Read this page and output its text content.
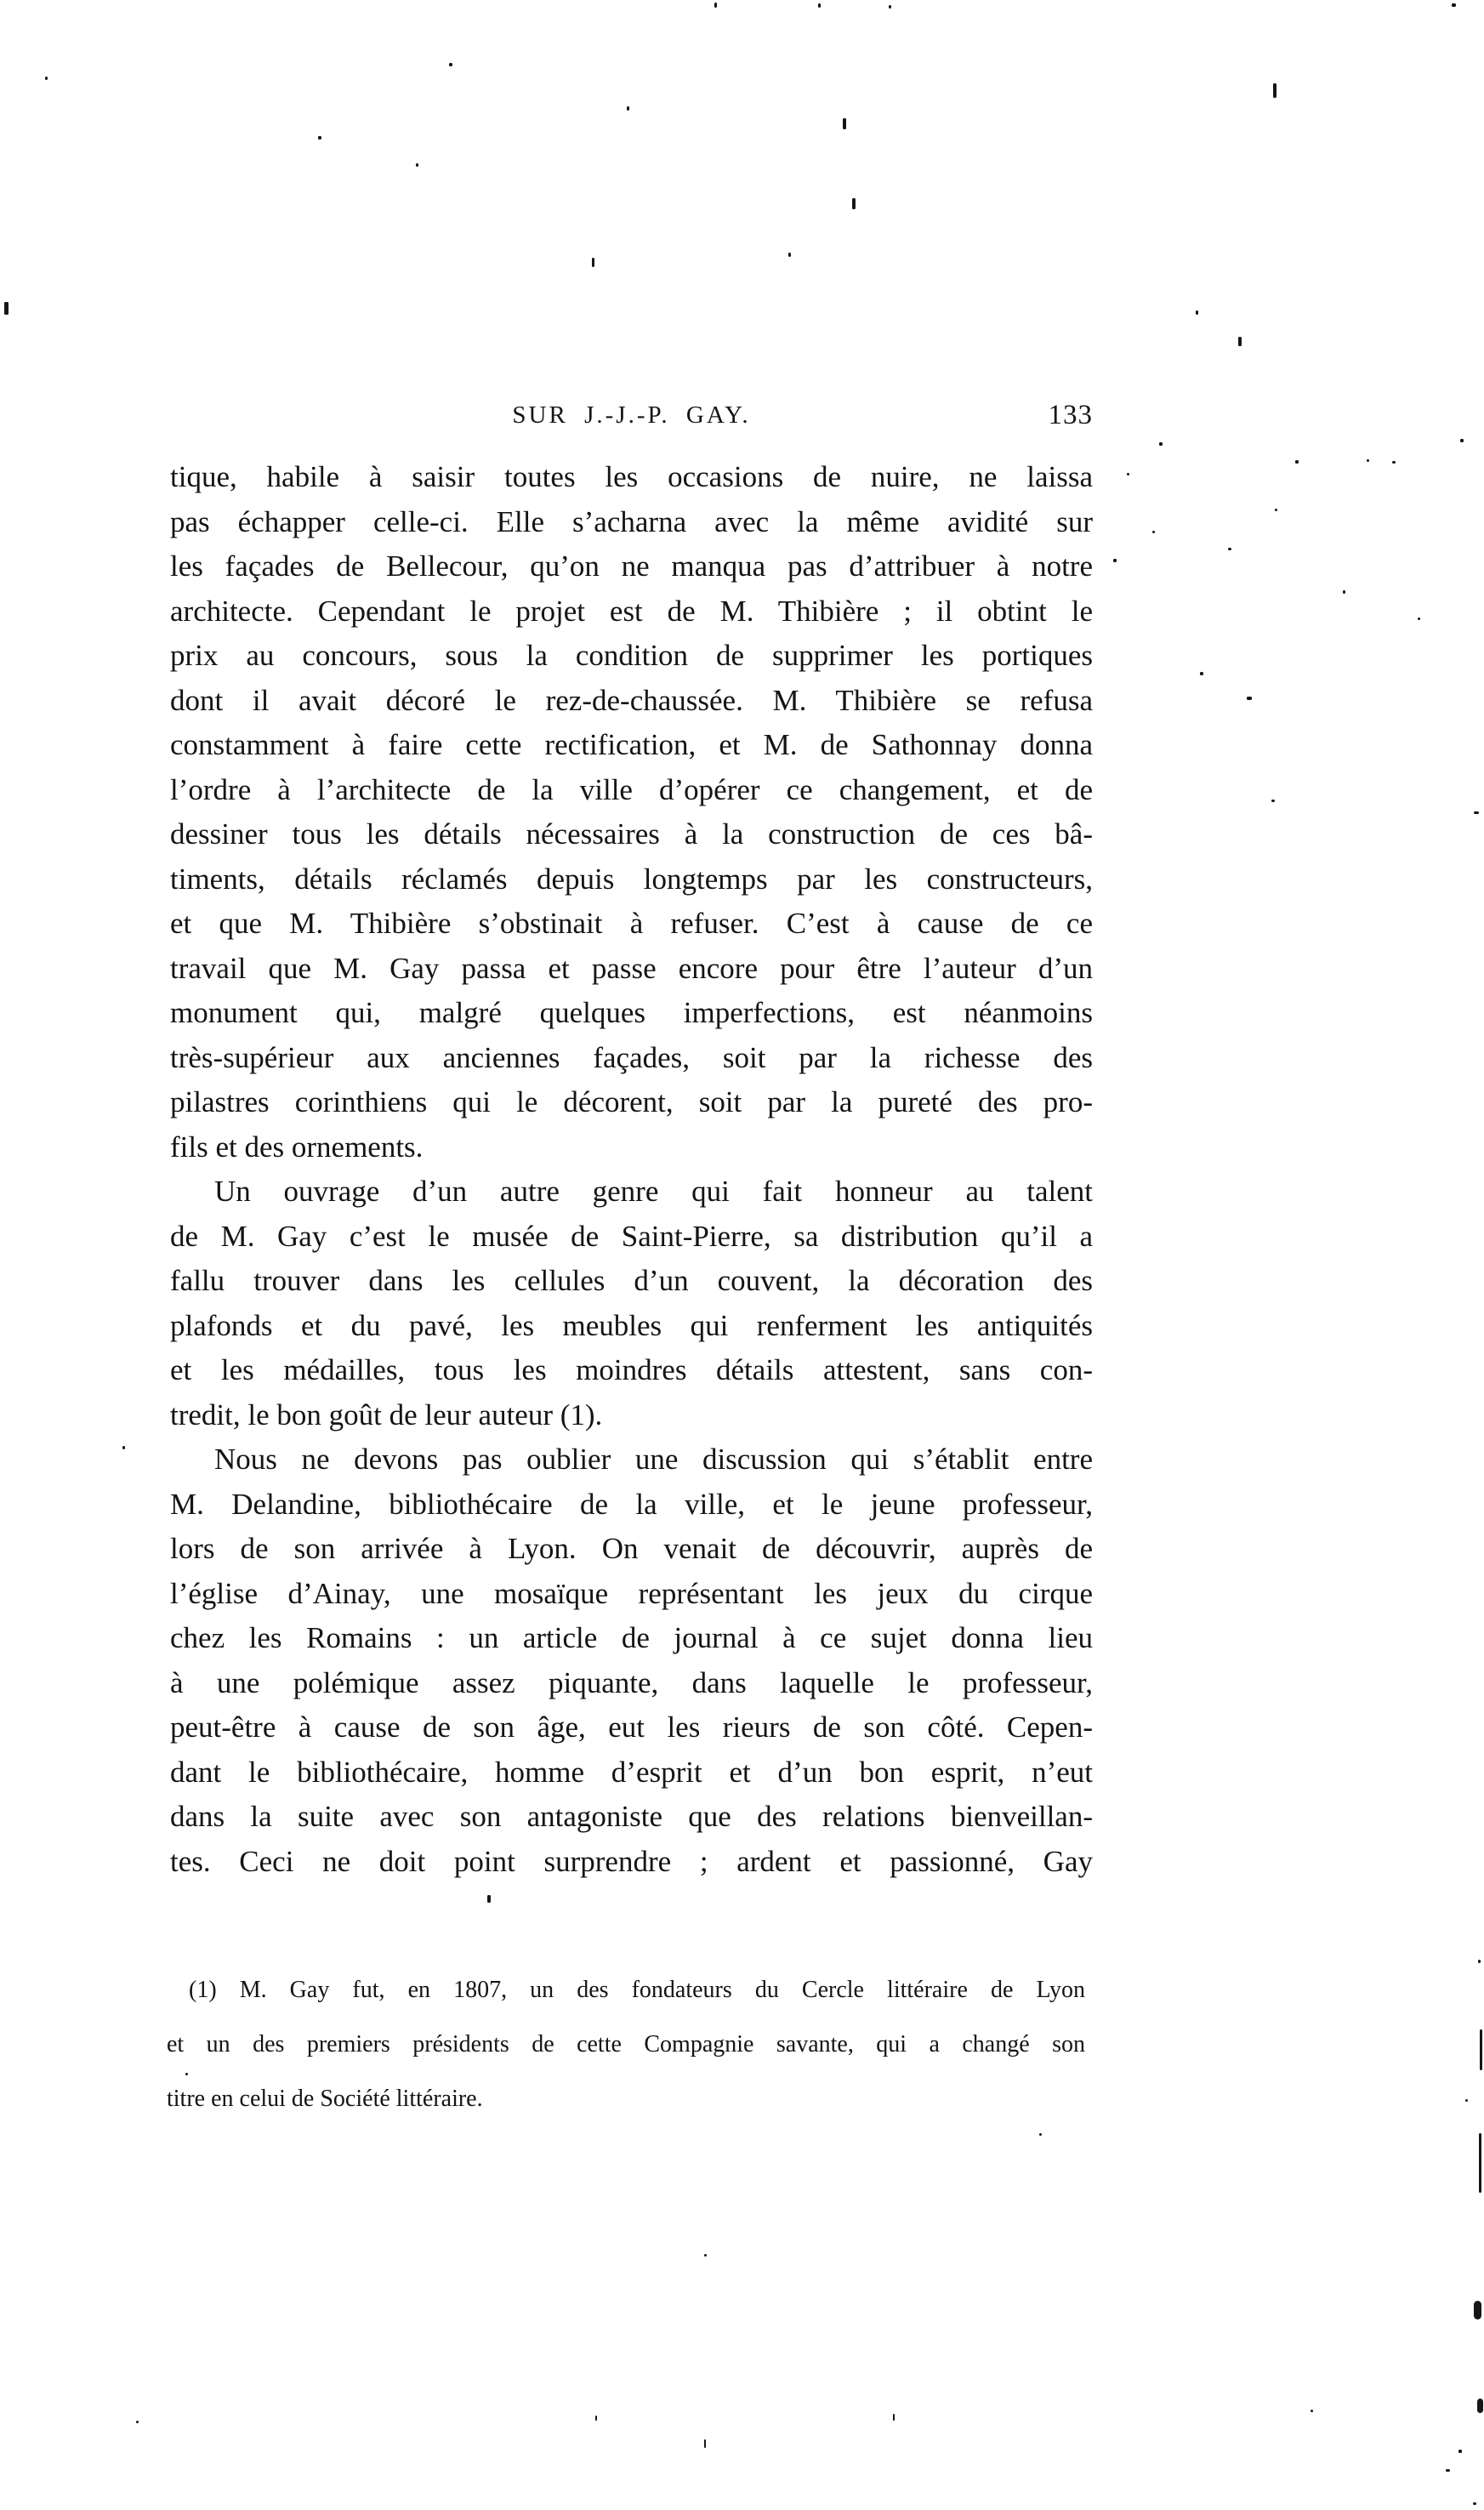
SUR J.-J.-P. GAY.	133
tique, habile à saisir toutes les occasions de nuire, ne laissa
pas échapper celle-ci. Elle s’acharna avec la même avidité sur
les façades de Bellecour, qu’on ne manqua pas d’attribuer à notre
architecte. Cependant le projet est de M. Thibière ; il obtint le
prix au concours, sous la condition de supprimer les portiques
dont il avait décoré le rez-de-chaussée. M. Thibière se refusa
constamment à faire cette rectification, et M. de Sathonnay donna
l’ordre à l’architecte de la ville d’opérer ce changement, et de
dessiner tous les détails nécessaires à la construction de ces bâ-
timents, détails réclamés depuis longtemps par les constructeurs,
et que M. Thibière s’obstinait à refuser. C’est à cause de ce
travail que M. Gay passa et passe encore pour être l’auteur d’un
monument qui, malgré quelques imperfections, est néanmoins
très-supérieur aux anciennes façades, soit par la richesse des
pilastres corinthiens qui le décorent, soit par la pureté des pro-
fils et des ornements.
Un ouvrage d’un autre genre qui fait honneur au talent
de M. Gay c’est le musée de Saint-Pierre, sa distribution qu’il a
fallu trouver dans les cellules d’un couvent, la décoration des
plafonds et du pavé, les meubles qui renferment les antiquités
et les médailles, tous les moindres détails attestent, sans con-
tredit, le bon goût de leur auteur (1).
Nous ne devons pas oublier une discussion qui s’établit entre
M. Delandine, bibliothécaire de la ville, et le jeune professeur,
lors de son arrivée à Lyon. On venait de découvrir, auprès de
l’église d’Ainay, une mosaïque représentant les jeux du cirque
chez les Romains : un article de journal à ce sujet donna lieu
à une polémique assez piquante, dans laquelle le professeur,
peut-être à cause de son âge, eut les rieurs de son côté. Cepen-
dant le bibliothécaire, homme d’esprit et d’un bon esprit, n’eut
dans la suite avec son antagoniste que des relations bienveillan-
tes. Ceci ne doit point surprendre ; ardent et passionné, Gay
(1) M. Gay fut, en 1807, un des fondateurs du Cercle littéraire de Lyon
et un des premiers présidents de cette Compagnie savante, qui a changé son
titre en celui de Société littéraire.
